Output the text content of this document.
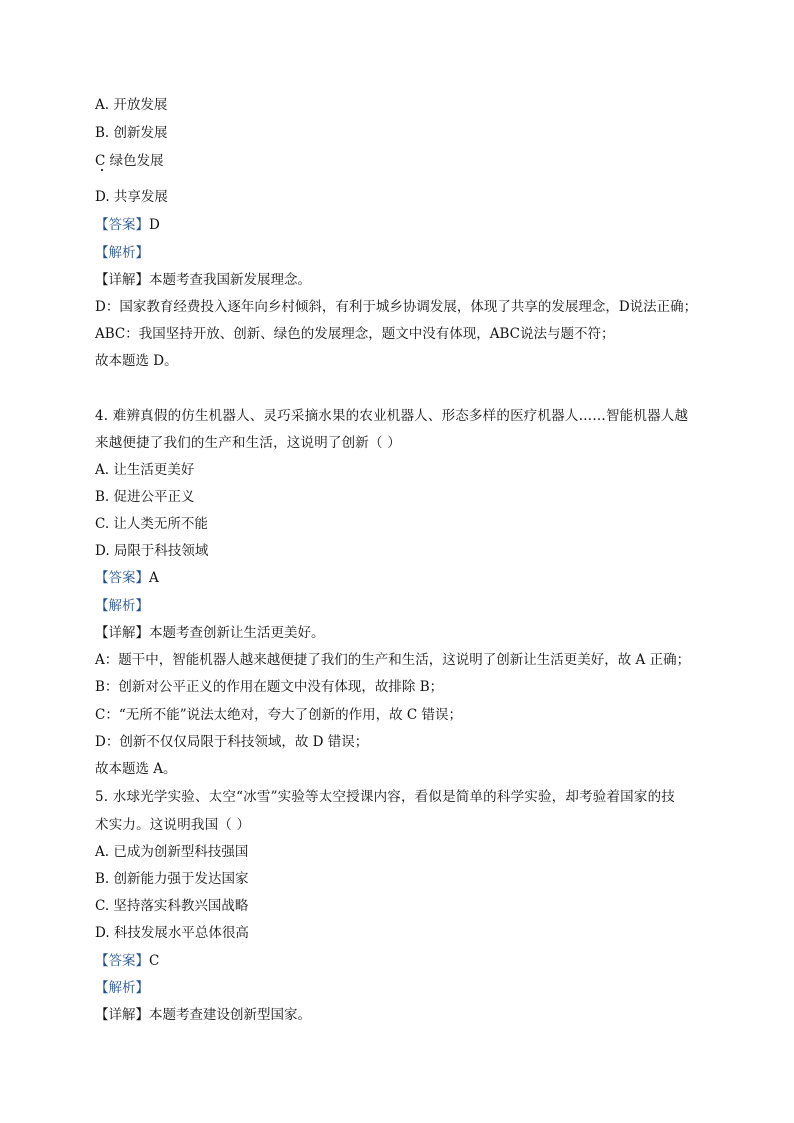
A. 开放发展
B. 创新发展
C 绿色发展
D. 共享发展
【答案】D
【解析】
【详解】本题考查我国新发展理念。
D：国家教育经费投入逐年向乡村倾斜，有利于城乡协调发展，体现了共享的发展理念，D说法正确；
ABC：我国坚持开放、创新、绿色的发展理念，题文中没有体现，ABC说法与题不符；
故本题选 D。
4. 难辨真假的仿生机器人、灵巧采摘水果的农业机器人、形态多样的医疗机器人……智能机器人越
来越便捷了我们的生产和生活，这说明了创新（ ）
A. 让生活更美好
B. 促进公平正义
C. 让人类无所不能
D. 局限于科技领域
【答案】A
【解析】
【详解】本题考查创新让生活更美好。
A：题干中，智能机器人越来越便捷了我们的生产和生活，这说明了创新让生活更美好，故 A 正确；
B：创新对公平正义的作用在题文中没有体现，故排除 B；
C：“无所不能”说法太绝对，夸大了创新的作用，故 C 错误；
D：创新不仅仅局限于科技领域，故 D 错误；
故本题选 A。
5. 水球光学实验、太空“冰雪”实验等太空授课内容，看似是简单的科学实验，却考验着国家的技
术实力。这说明我国（ ）
A. 已成为创新型科技强国
B. 创新能力强于发达国家
C. 坚持落实科教兴国战略
D. 科技发展水平总体很高
【答案】C
【解析】
【详解】本题考查建设创新型国家。
